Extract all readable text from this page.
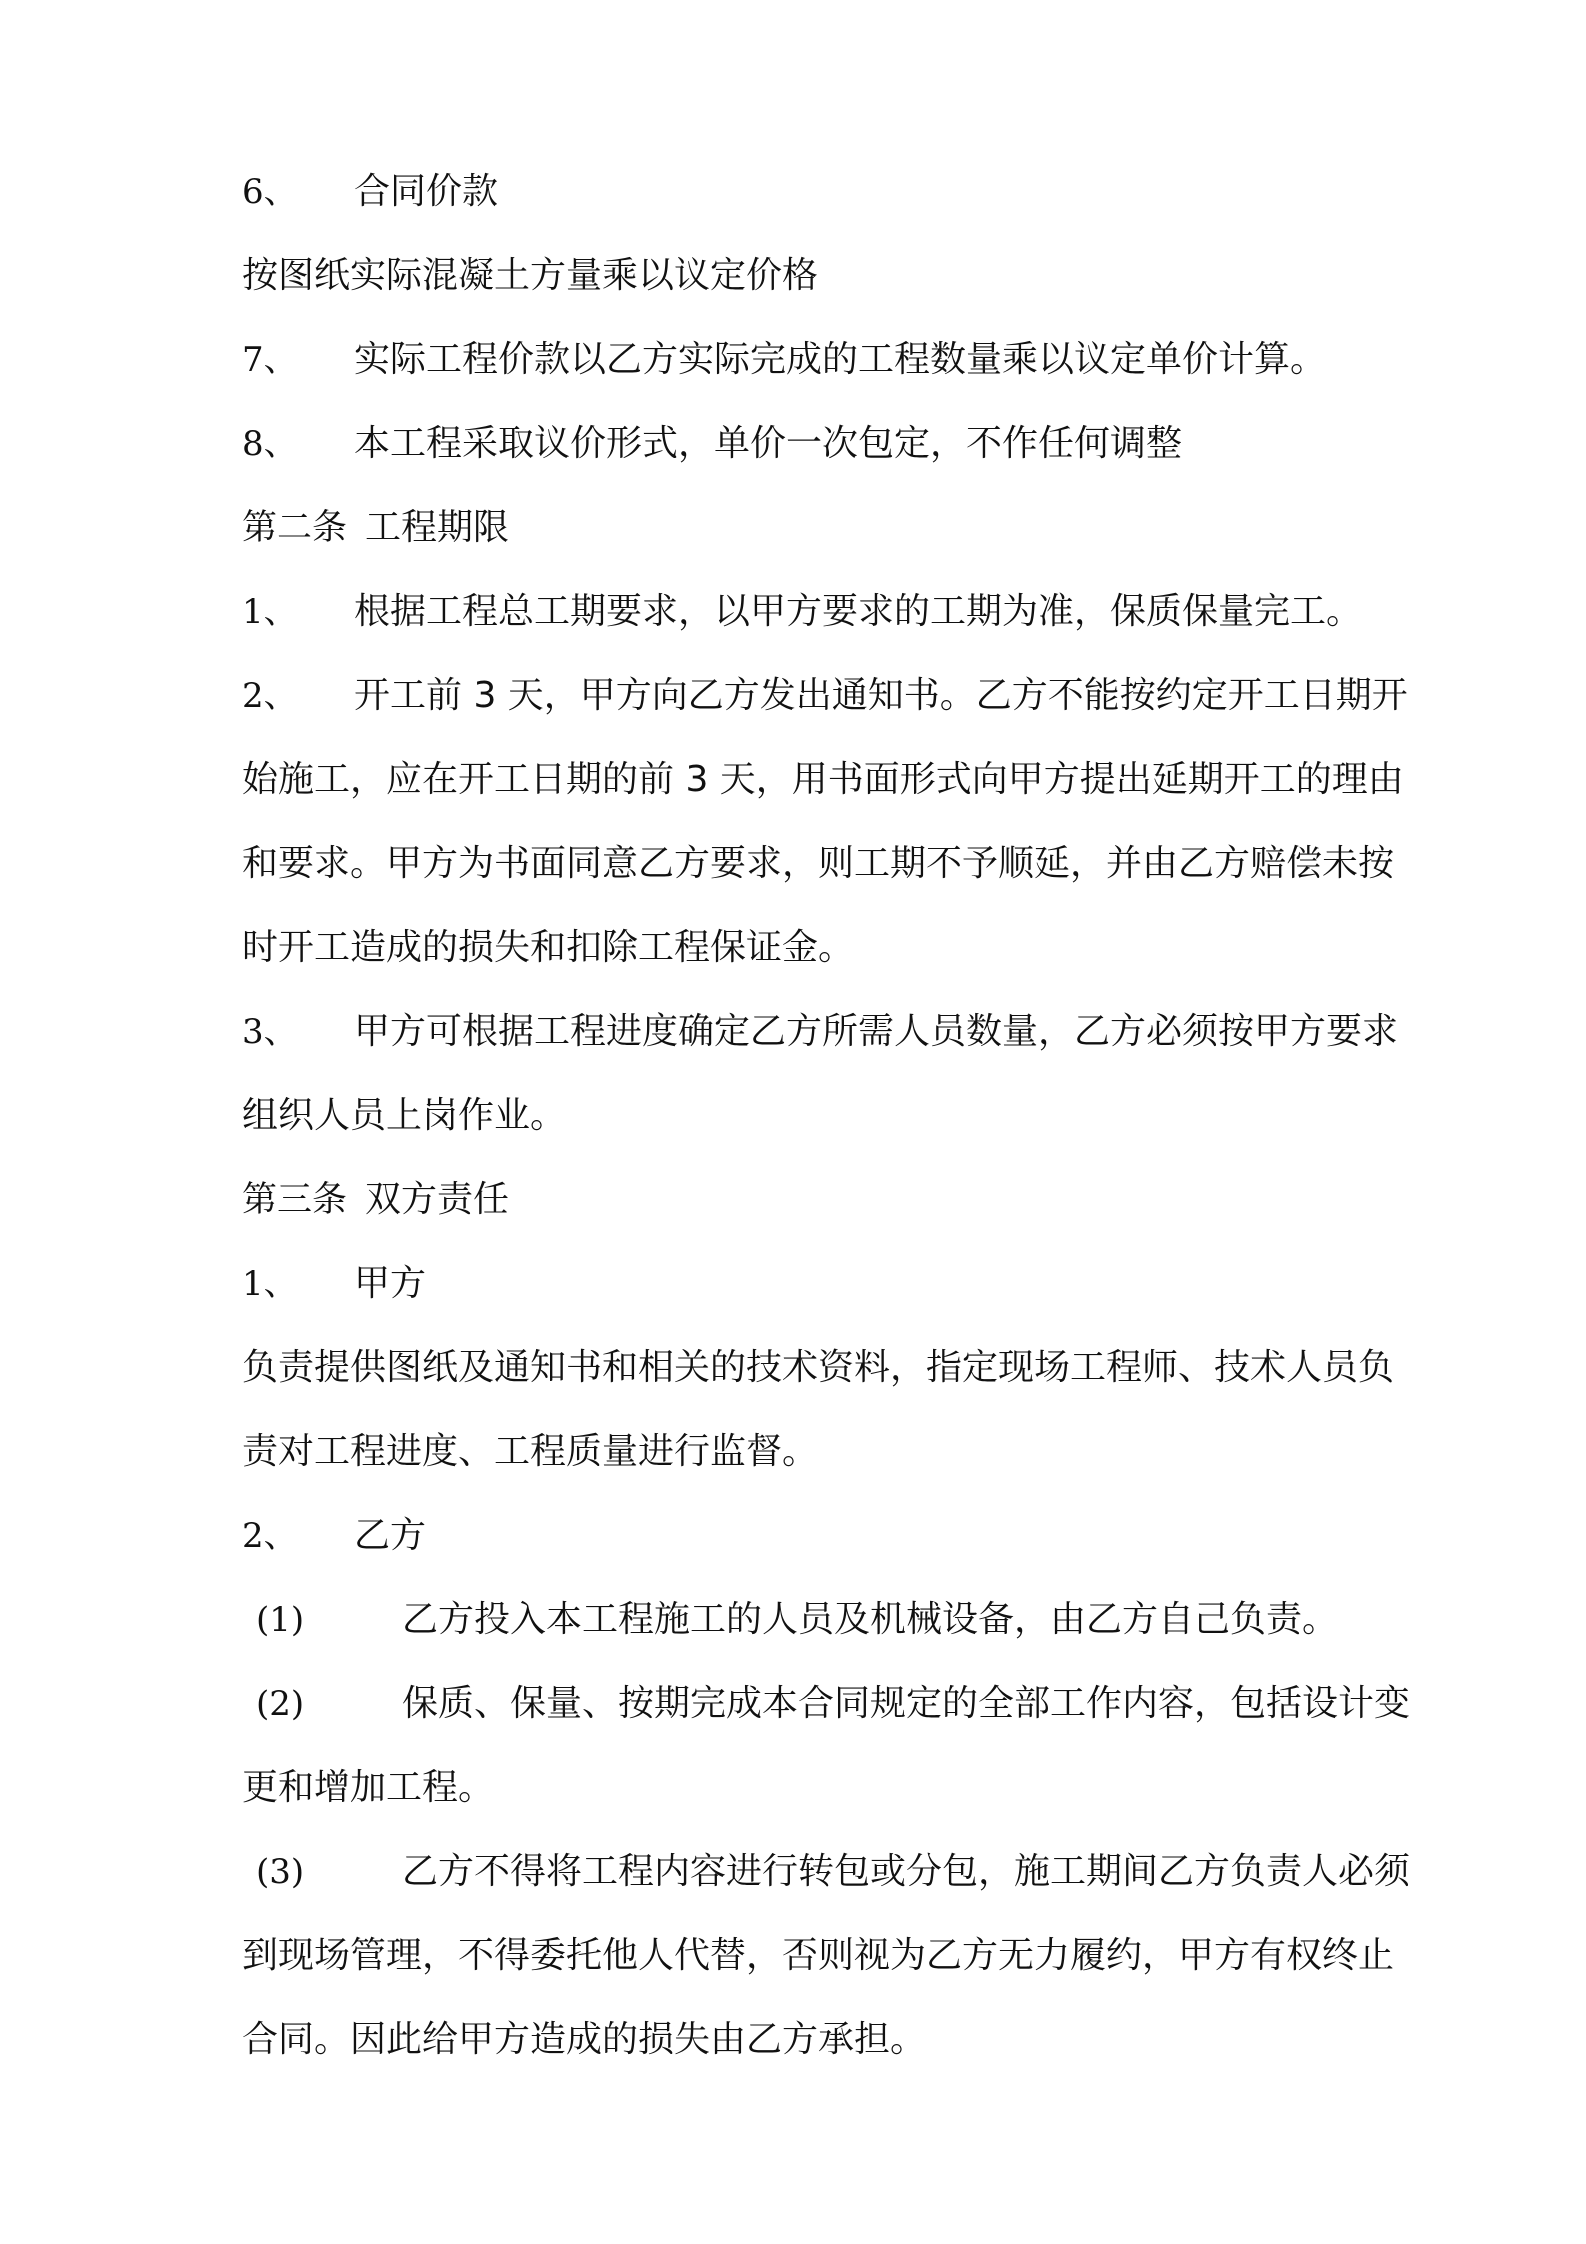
6、	合同价款
按图纸实际混凝土方量乘以议定价格
7、	实际工程价款以乙方实际完成的工程数量乘以议定单价计算。
8、	本工程采取议价形式，单价一次包定，不作任何调整
第二条 工程期限
1、	根据工程总工期要求，以甲方要求的工期为准，保质保量完工。
2、	开工前 3 天，甲方向乙方发出通知书。乙方不能按约定开工日期开
始施工，应在开工日期的前 3 天，用书面形式向甲方提出延期开工的理由
和要求。甲方为书面同意乙方要求，则工期不予顺延，并由乙方赔偿未按
时开工造成的损失和扣除工程保证金。
3、	甲方可根据工程进度确定乙方所需人员数量，乙方必须按甲方要求
组织人员上岗作业。
第三条 双方责任
1、	甲方
负责提供图纸及通知书和相关的技术资料，指定现场工程师、技术人员负
责对工程进度、工程质量进行监督。
2、	乙方
(1)	乙方投入本工程施工的人员及机械设备，由乙方自己负责。
(2)	保质、保量、按期完成本合同规定的全部工作内容，包括设计变
更和增加工程。
(3)	乙方不得将工程内容进行转包或分包，施工期间乙方负责人必须
到现场管理，不得委托他人代替，否则视为乙方无力履约，甲方有权终止
合同。因此给甲方造成的损失由乙方承担。
